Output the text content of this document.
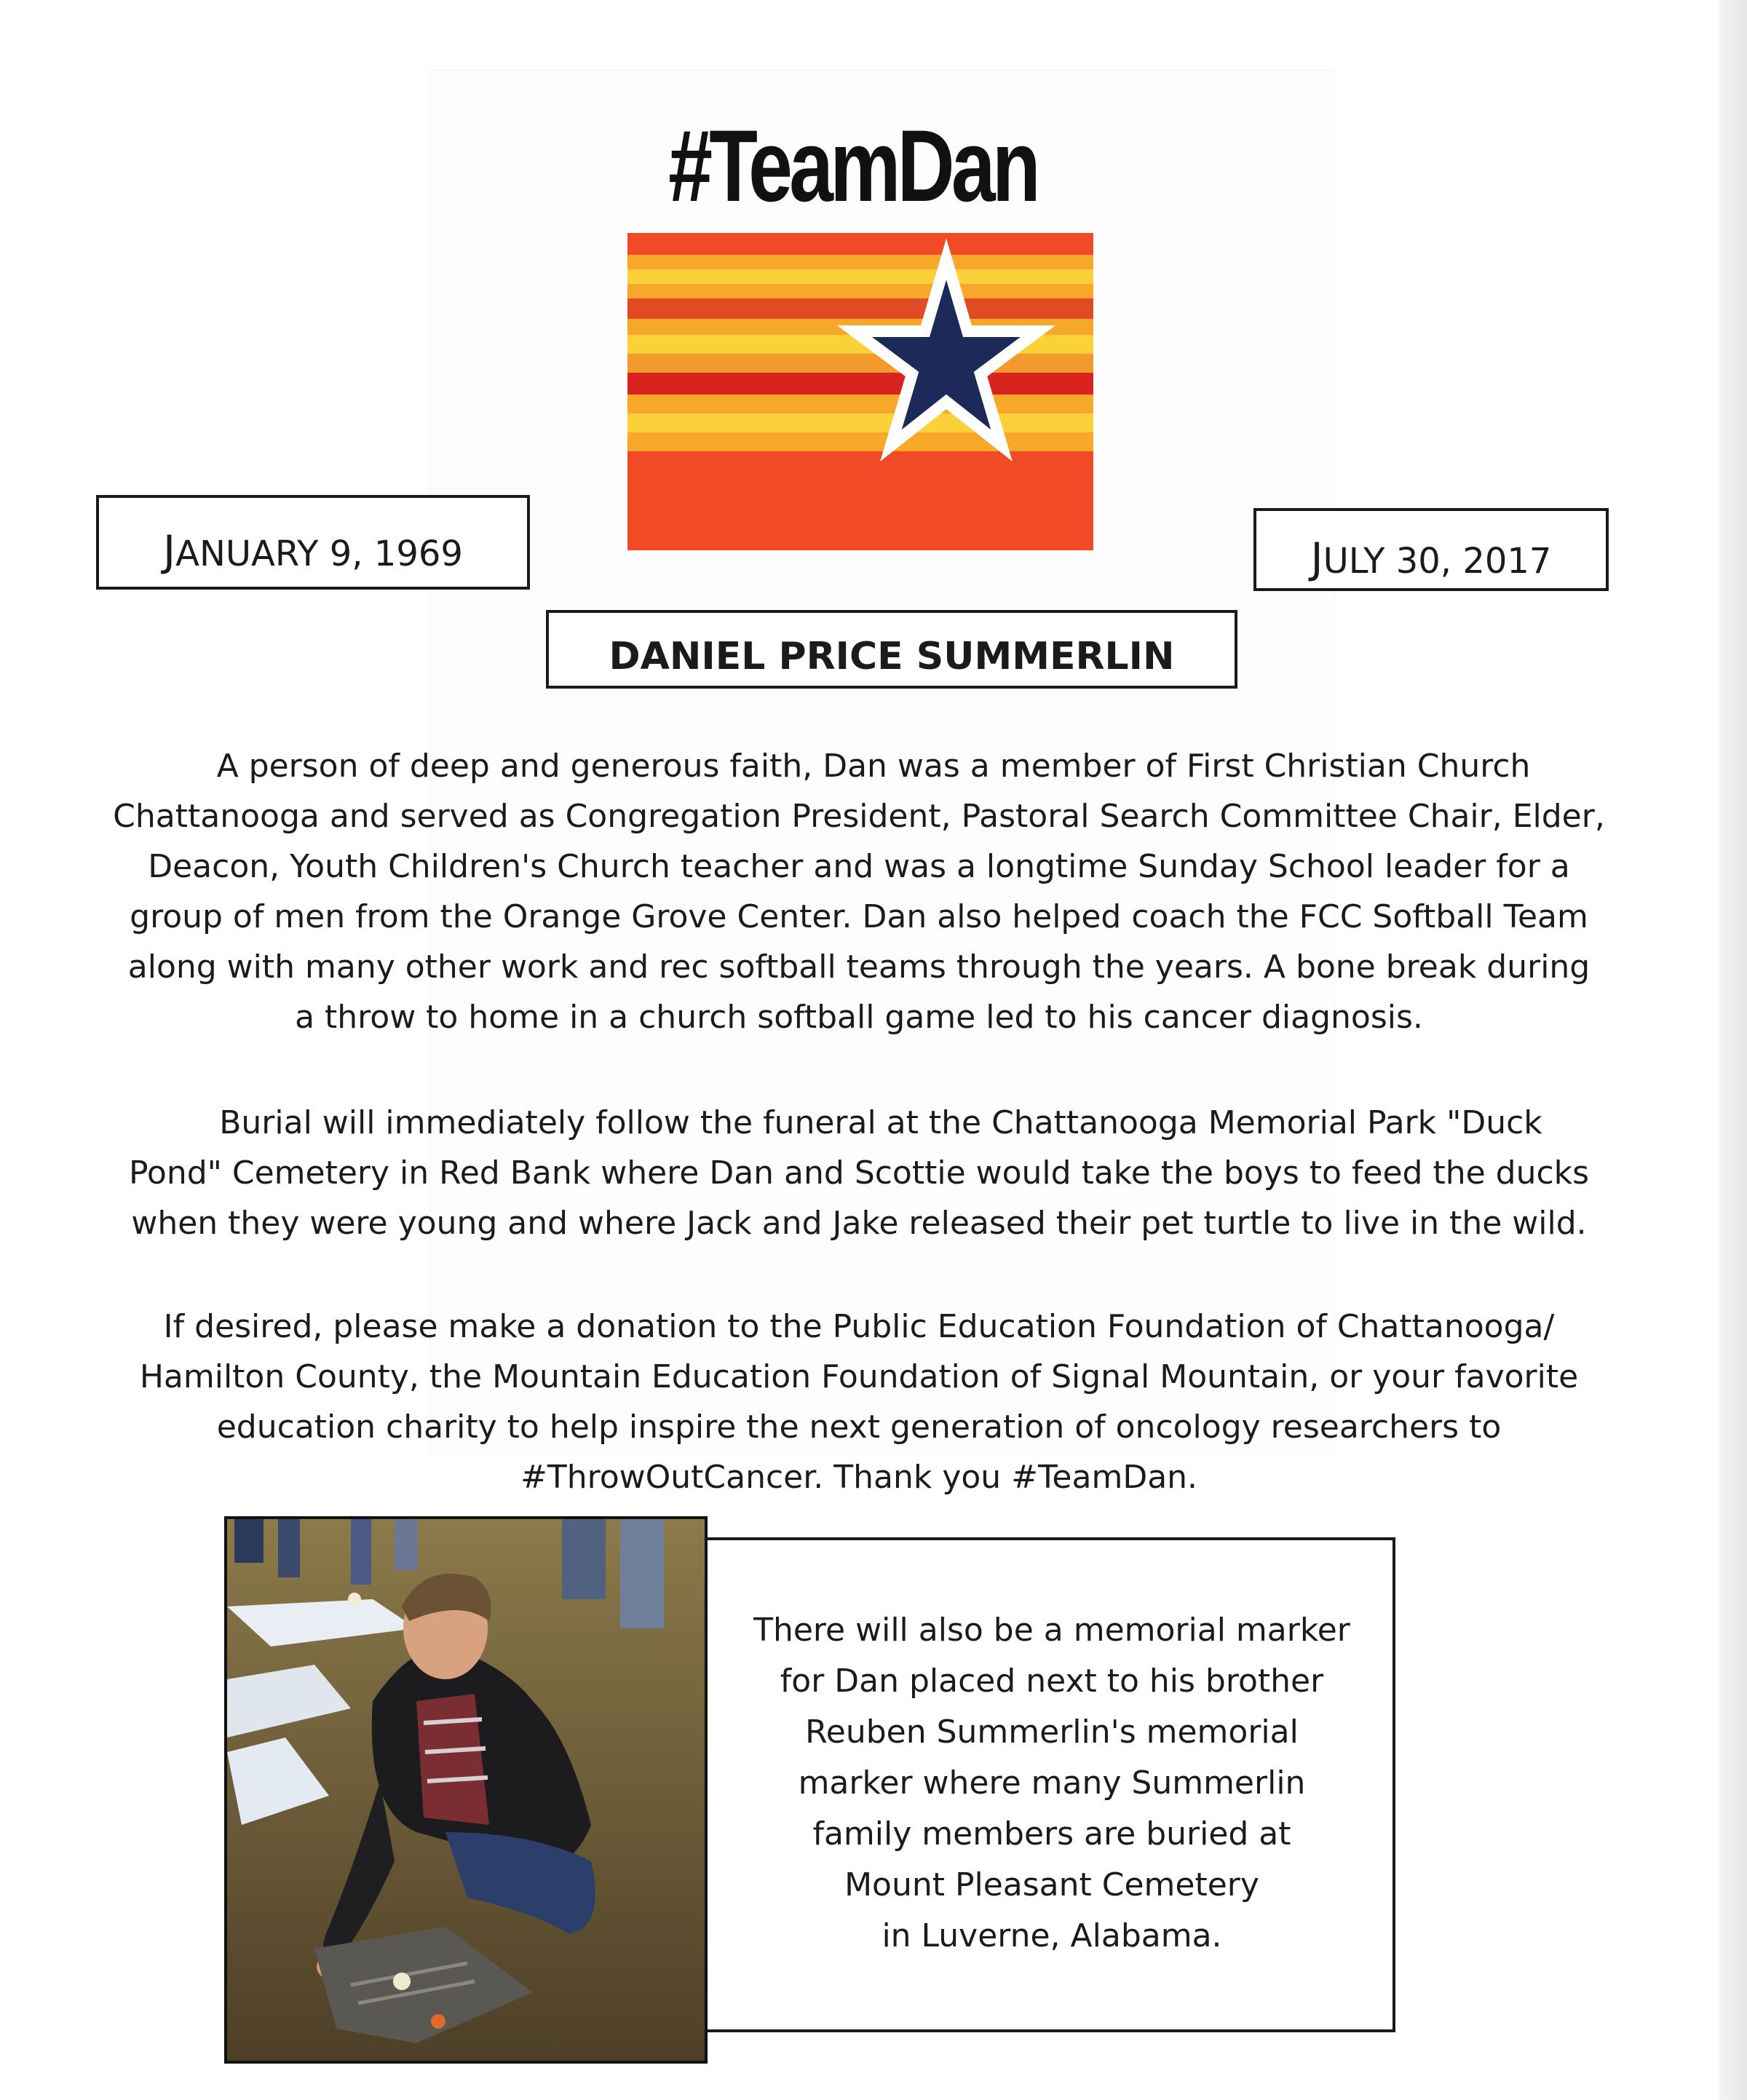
#TeamDan
JANUARY 9, 1969	JULY 30, 2017
DANIEL PRICE SUMMERLIN
A person of deep and generous faith, Dan was a member of First Christian Church
Chattanooga and served as Congregation President, Pastoral Search Committee Chair, Elder,
Deacon, Youth Children's Church teacher and was a longtime Sunday School leader for a
group of men from the Orange Grove Center. Dan also helped coach the FCC Softball Team
along with many other work and rec softball teams through the years. A bone break during
a throw to home in a church softball game led to his cancer diagnosis.
Burial will immediately follow the funeral at the Chattanooga Memorial Park "Duck
Pond" Cemetery in Red Bank where Dan and Scottie would take the boys to feed the ducks
when they were young and where Jack and Jake released their pet turtle to live in the wild.
If desired, please make a donation to the Public Education Foundation of Chattanooga/
Hamilton County, the Mountain Education Foundation of Signal Mountain, or your favorite
education charity to help inspire the next generation of oncology researchers to
#ThrowOutCancer. Thank you #TeamDan.
There will also be a memorial marker
for Dan placed next to his brother
Reuben Summerlin's memorial
marker where many Summerlin
family members are buried at
Mount Pleasant Cemetery
in Luverne, Alabama.
